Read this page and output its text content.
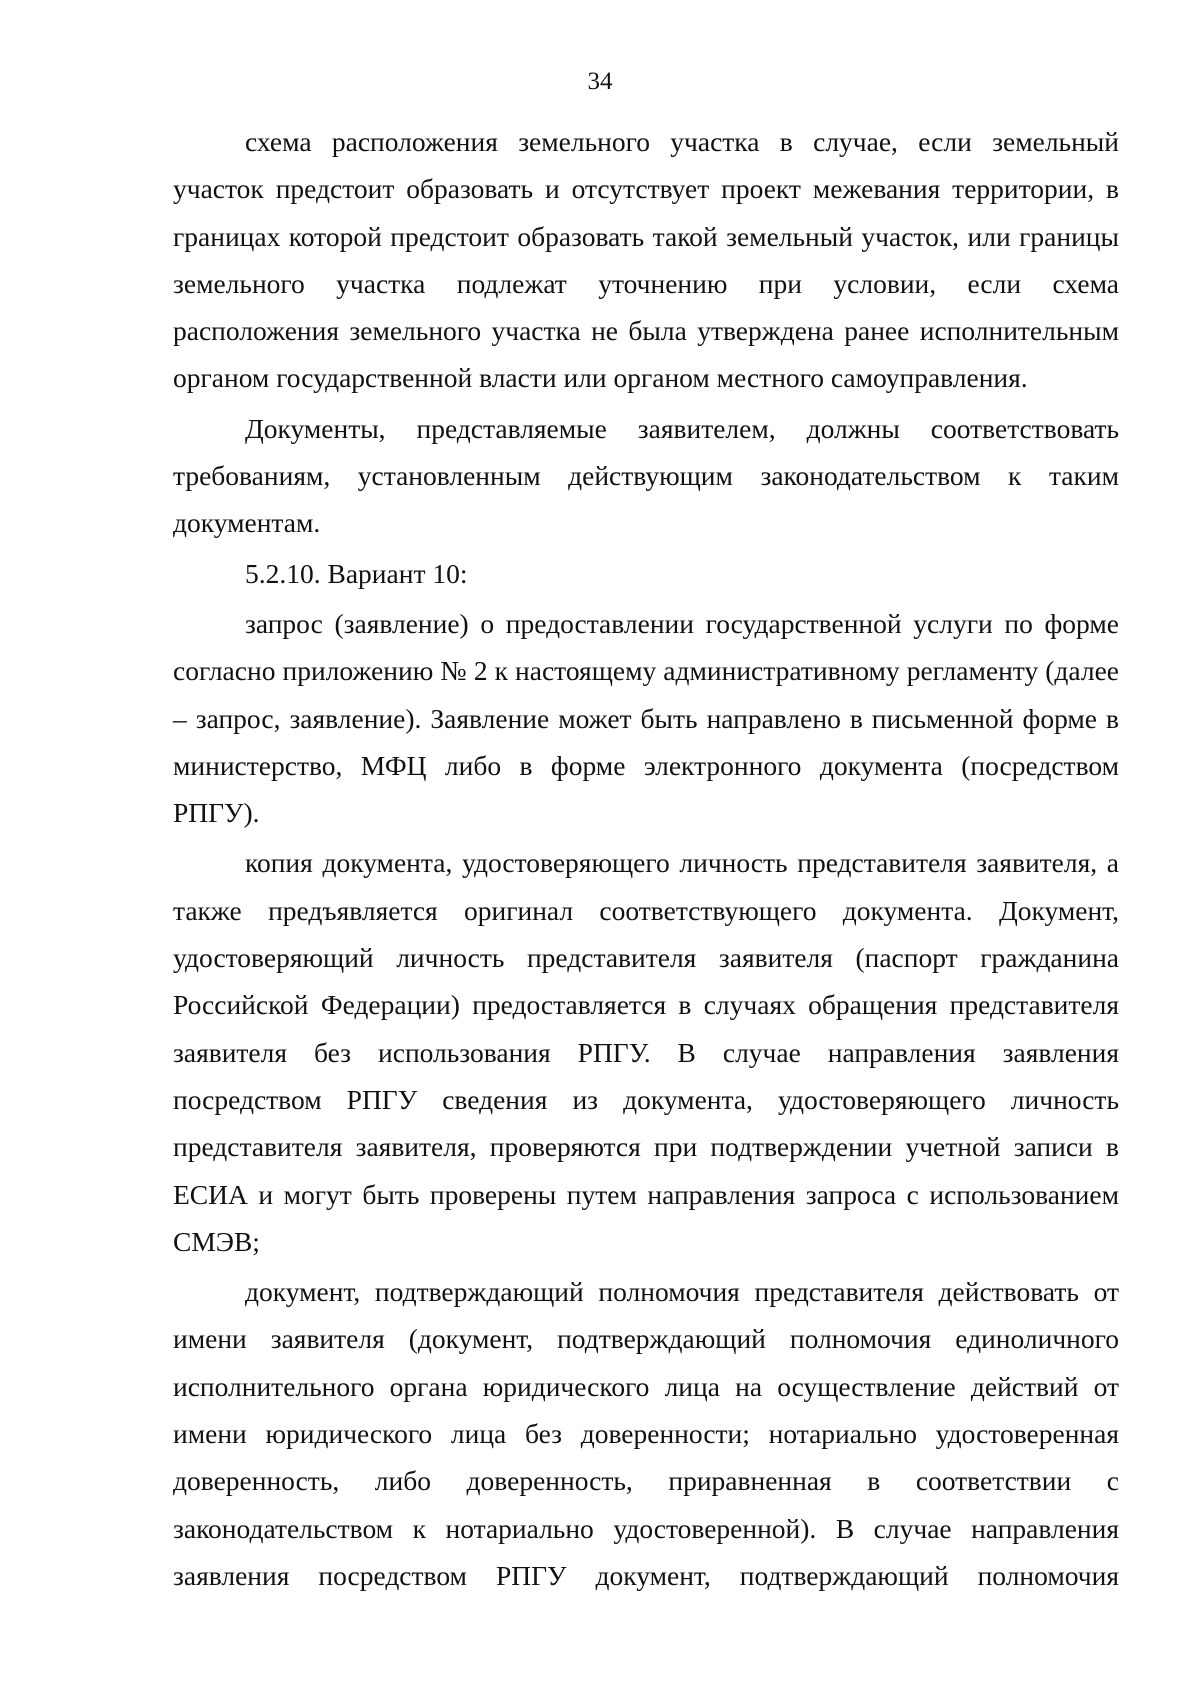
34

схема расположения земельного участка в случае, если земельный участок предстоит образовать и отсутствует проект межевания территории, в границах которой предстоит образовать такой земельный участок, или границы земельного участка подлежат уточнению при условии, если схема расположения земельного участка не была утверждена ранее исполнительным органом государственной власти или органом местного самоуправления.

Документы, представляемые заявителем, должны соответствовать требованиям, установленным действующим законодательством к таким документам.

5.2.10. Вариант 10:

запрос (заявление) о предоставлении государственной услуги по форме согласно приложению № 2 к настоящему административному регламенту (далее – запрос, заявление). Заявление может быть направлено в письменной форме в министерство, МФЦ либо в форме электронного документа (посредством РПГУ).

копия документа, удостоверяющего личность представителя заявителя, а также предъявляется оригинал соответствующего документа. Документ, удостоверяющий личность представителя заявителя (паспорт гражданина Российской Федерации) предоставляется в случаях обращения представителя заявителя без использования РПГУ. В случае направления заявления посредством РПГУ сведения из документа, удостоверяющего личность представителя заявителя, проверяются при подтверждении учетной записи в ЕСИА и могут быть проверены путем направления запроса с использованием СМЭВ;

документ, подтверждающий полномочия представителя действовать от имени заявителя (документ, подтверждающий полномочия единоличного исполнительного органа юридического лица на осуществление действий от имени юридического лица без доверенности; нотариально удостоверенная доверенность, либо доверенность, приравненная в соответствии с законодательством к нотариально удостоверенной). В случае направления заявления посредством РПГУ документ, подтверждающий полномочия
